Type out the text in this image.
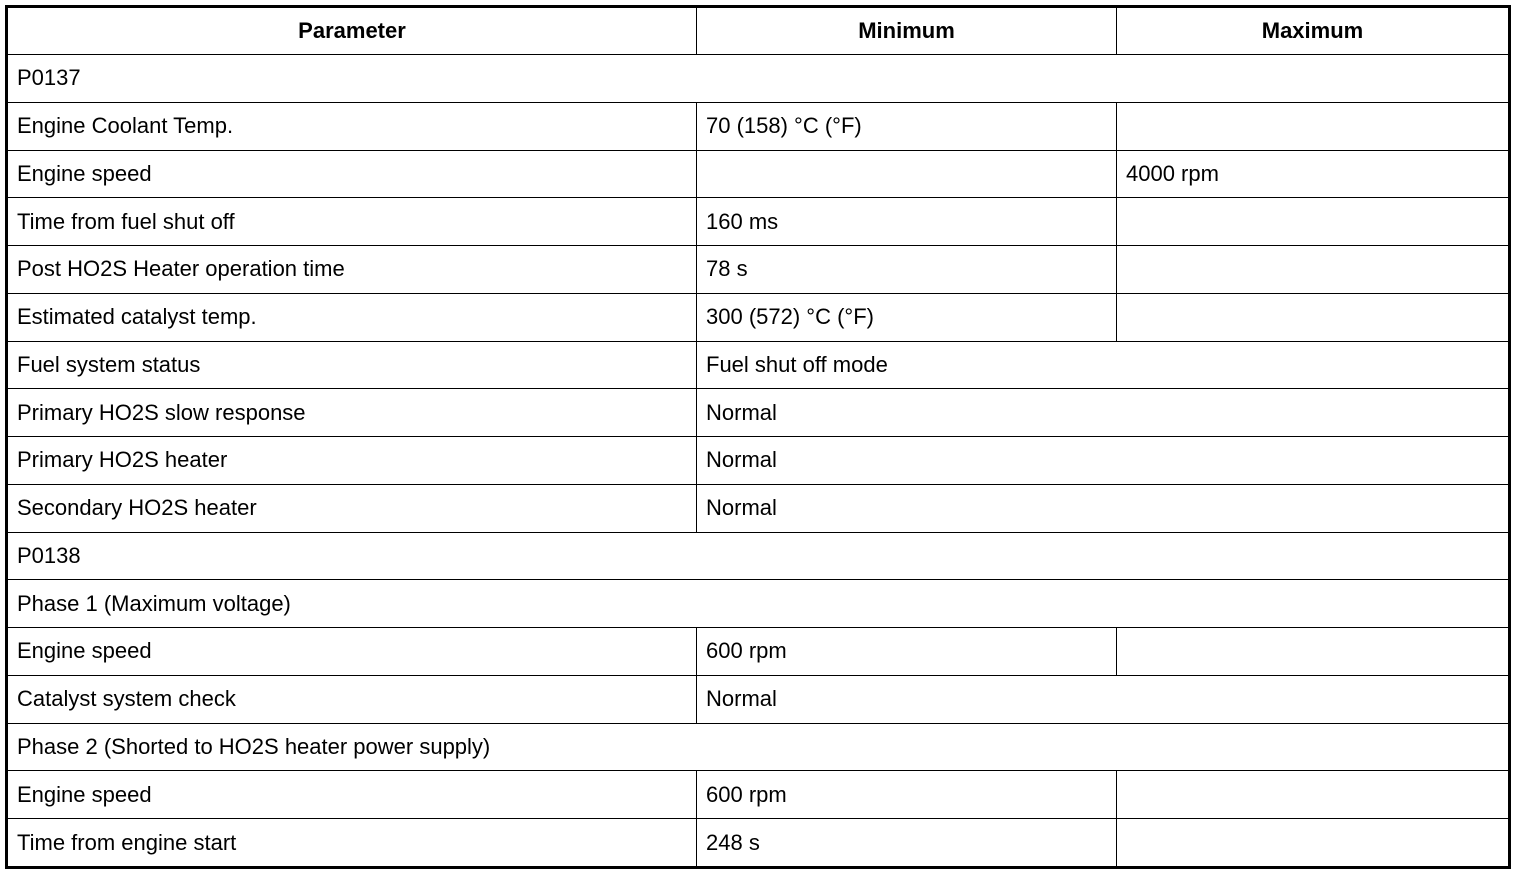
Parameter	Minimum	Maximum
P0137		
Engine Coolant Temp.	70 (158) °C (°F)	
Engine speed		4000 rpm
Time from fuel shut off	160 ms	
Post HO2S Heater operation time	78 s	
Estimated catalyst temp.	300 (572) °C (°F)	
Fuel system status	Fuel shut off mode	
Primary HO2S slow response	Normal	
Primary HO2S heater	Normal	
Secondary HO2S heater	Normal	
P0138		
Phase 1 (Maximum voltage)		
Engine speed	600 rpm	
Catalyst system check	Normal	
Phase 2 (Shorted to HO2S heater power supply)		
Engine speed	600 rpm	
Time from engine start	248 s	
